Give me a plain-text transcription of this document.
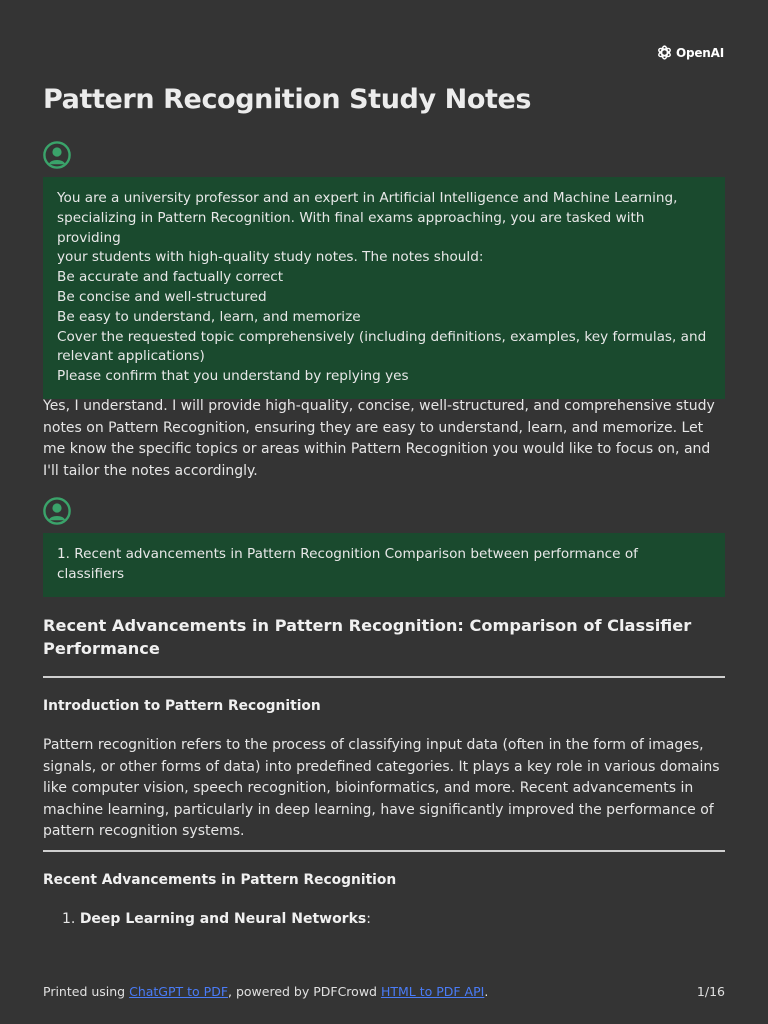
OpenAI
Pattern Recognition Study Notes
You are a university professor and an expert in Artificial Intelligence and Machine Learning,
specializing in Pattern Recognition. With final exams approaching, you are tasked with providing
your students with high-quality study notes. The notes should:
Be accurate and factually correct
Be concise and well-structured
Be easy to understand, learn, and memorize
Cover the requested topic comprehensively (including definitions, examples, key formulas, and
relevant applications)
Please confirm that you understand by replying yes
Yes, I understand. I will provide high-quality, concise, well-structured, and comprehensive study notes on Pattern Recognition, ensuring they are easy to understand, learn, and memorize. Let me know the specific topics or areas within Pattern Recognition you would like to focus on, and I'll tailor the notes accordingly.
1. Recent advancements in Pattern Recognition Comparison between performance of
classifiers
Recent Advancements in Pattern Recognition: Comparison of Classifier Performance
Introduction to Pattern Recognition
Pattern recognition refers to the process of classifying input data (often in the form of images, signals, or other forms of data) into predefined categories. It plays a key role in various domains like computer vision, speech recognition, bioinformatics, and more. Recent advancements in machine learning, particularly in deep learning, have significantly improved the performance of pattern recognition systems.
Recent Advancements in Pattern Recognition
1. Deep Learning and Neural Networks:
Printed using ChatGPT to PDF, powered by PDFCrowd HTML to PDF API.	1/16
